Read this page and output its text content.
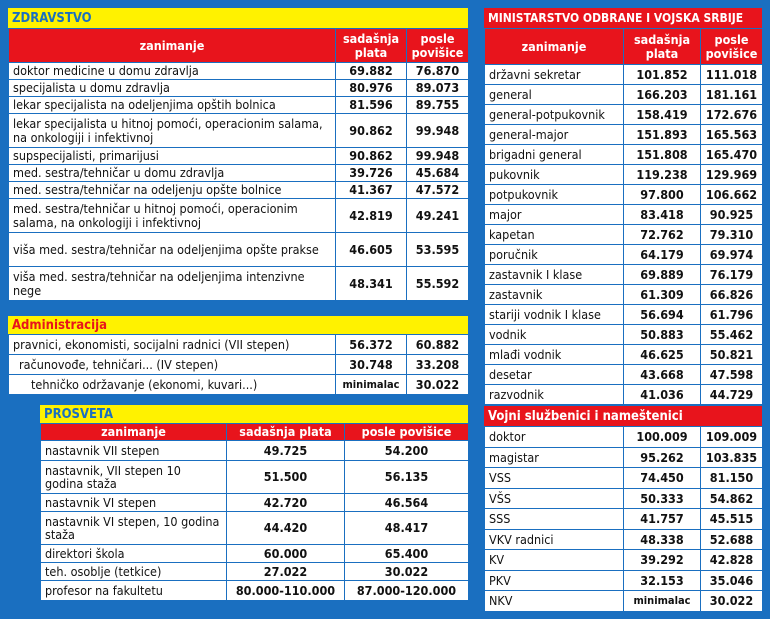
ZDRAVSTVO
zanimanje	sadašnja plata	posle povišice
doktor medicine u domu zdravlja	69.882	76.870
specijalista u domu zdravlja	80.976	89.073
lekar specijalista na odeljenjima opštih bolnica	81.596	89.755
lekar specijalista u hitnoj pomoći, operacionim salama, na onkologiji i infektivnoj	90.862	99.948
supspecijalisti, primarijusi	90.862	99.948
med. sestra/tehničar u domu zdravlja	39.726	45.684
med. sestra/tehničar na odeljenju opšte bolnice	41.367	47.572
med. sestra/tehničar u hitnoj pomoći, operacionim salama, na onkologiji i infektivnoj	42.819	49.241
viša med. sestra/tehničar na odeljenjima opšte prakse	46.605	53.595
viša med. sestra/tehničar na odeljenjima intenzivne nege	48.341	55.592
Administracija
pravnici, ekonomisti, socijalni radnici (VII stepen)	56.372	60.882
računovođe, tehničari... (IV stepen)	30.748	33.208
tehničko održavanje (ekonomi, kuvari...)	minimalac	30.022
PROSVETA
zanimanje	sadašnja plata	posle povišice
nastavnik VII stepen	49.725	54.200
nastavnik, VII stepen 10 godina staža	51.500	56.135
nastavnik VI stepen	42.720	46.564
nastavnik VI stepen, 10 godina staža	44.420	48.417
direktori škola	60.000	65.400
teh. osoblje (tetkice)	27.022	30.022
profesor na fakultetu	80.000-110.000	87.000-120.000
MINISTARSTVO ODBRANE I VOJSKA SRBIJE
zanimanje	sadašnja plata	posle povišice
državni sekretar	101.852	111.018
general	166.203	181.161
general-potpukovnik	158.419	172.676
general-major	151.893	165.563
brigadni general	151.808	165.470
pukovnik	119.238	129.969
potpukovnik	97.800	106.662
major	83.418	90.925
kapetan	72.762	79.310
poručnik	64.179	69.974
zastavnik I klase	69.889	76.179
zastavnik	61.309	66.826
stariji vodnik I klase	56.694	61.796
vodnik	50.883	55.462
mlađi vodnik	46.625	50.821
desetar	43.668	47.598
razvodnik	41.036	44.729
Vojni službenici i nameštenici
doktor	100.009	109.009
magistar	95.262	103.835
VSS	74.450	81.150
VŠS	50.333	54.862
SSS	41.757	45.515
VKV radnici	48.338	52.688
KV	39.292	42.828
PKV	32.153	35.046
NKV	minimalac	30.022
